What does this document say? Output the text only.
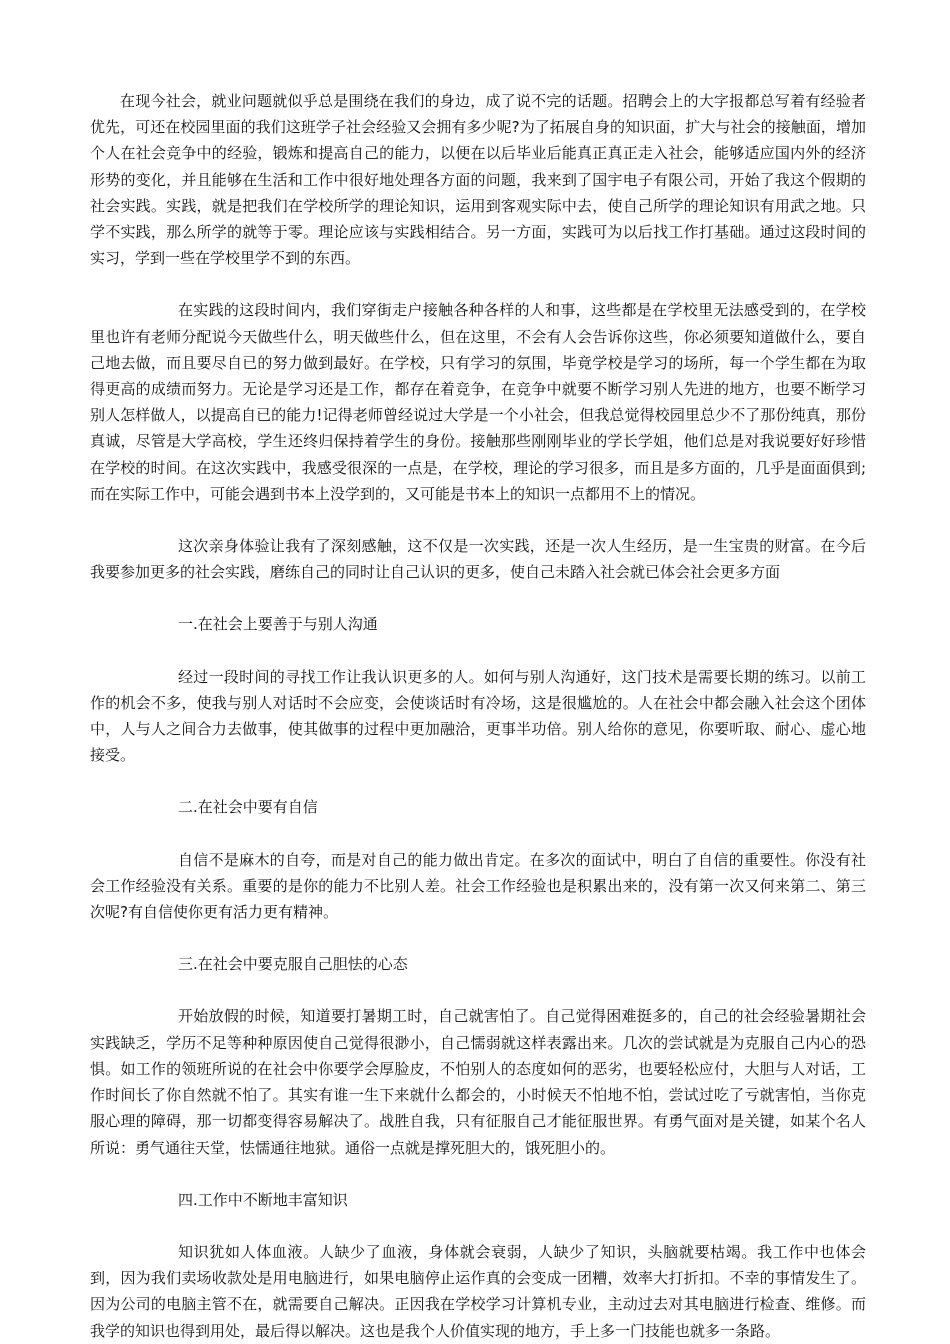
在现今社会，就业问题就似乎总是围绕在我们的身边，成了说不完的话题。招聘会上的大字报都总写着有经验者优先，可还在校园里面的我们这班学子社会经验又会拥有多少呢?为了拓展自身的知识面，扩大与社会的接触面，增加个人在社会竞争中的经验，锻炼和提高自己的能力，以便在以后毕业后能真正真正走入社会，能够适应国内外的经济形势的变化，并且能够在生活和工作中很好地处理各方面的问题，我来到了国宇电子有限公司，开始了我这个假期的社会实践。实践，就是把我们在学校所学的理论知识，运用到客观实际中去，使自己所学的理论知识有用武之地。只学不实践，那么所学的就等于零。理论应该与实践相结合。另一方面，实践可为以后找工作打基础。通过这段时间的实习，学到一些在学校里学不到的东西。

在实践的这段时间内，我们穿街走户接触各种各样的人和事，这些都是在学校里无法感受到的，在学校里也许有老师分配说今天做些什么，明天做些什么，但在这里，不会有人会告诉你这些，你必须要知道做什么，要自己地去做，而且要尽自已的努力做到最好。在学校，只有学习的氛围，毕竟学校是学习的场所，每一个学生都在为取得更高的成绩而努力。无论是学习还是工作，都存在着竞争，在竞争中就要不断学习别人先进的地方，也要不断学习别人怎样做人，以提高自已的能力!记得老师曾经说过大学是一个小社会，但我总觉得校园里总少不了那份纯真，那份真诚，尽管是大学高校，学生还终归保持着学生的身份。接触那些刚刚毕业的学长学姐，他们总是对我说要好好珍惜在学校的时间。在这次实践中，我感受很深的一点是，在学校，理论的学习很多，而且是多方面的，几乎是面面俱到;而在实际工作中，可能会遇到书本上没学到的，又可能是书本上的知识一点都用不上的情况。

这次亲身体验让我有了深刻感触，这不仅是一次实践，还是一次人生经历，是一生宝贵的财富。在今后我要参加更多的社会实践，磨练自己的同时让自己认识的更多，使自己未踏入社会就已体会社会更多方面

一.在社会上要善于与别人沟通

经过一段时间的寻找工作让我认识更多的人。如何与别人沟通好，这门技术是需要长期的练习。以前工作的机会不多，使我与别人对话时不会应变，会使谈话时有冷场，这是很尴尬的。人在社会中都会融入社会这个团体中，人与人之间合力去做事，使其做事的过程中更加融洽，更事半功倍。别人给你的意见，你要听取、耐心、虚心地接受。

二.在社会中要有自信

自信不是麻木的自夸，而是对自己的能力做出肯定。在多次的面试中，明白了自信的重要性。你没有社会工作经验没有关系。重要的是你的能力不比别人差。社会工作经验也是积累出来的，没有第一次又何来第二、第三次呢?有自信使你更有活力更有精神。

三.在社会中要克服自己胆怯的心态

开始放假的时候，知道要打暑期工时，自己就害怕了。自己觉得困难挺多的，自己的社会经验暑期社会实践缺乏，学历不足等种种原因使自己觉得很渺小，自己懦弱就这样表露出来。几次的尝试就是为克服自己内心的恐惧。如工作的领班所说的在社会中你要学会厚脸皮，不怕别人的态度如何的恶劣，也要轻松应付，大胆与人对话，工作时间长了你自然就不怕了。其实有谁一生下来就什么都会的，小时候天不怕地不怕，尝试过吃了亏就害怕，当你克服心理的障碍，那一切都变得容易解决了。战胜自我，只有征服自己才能征服世界。有勇气面对是关键，如某个名人所说：勇气通往天堂，怯懦通往地狱。通俗一点就是撑死胆大的，饿死胆小的。

四.工作中不断地丰富知识

知识犹如人体血液。人缺少了血液，身体就会衰弱，人缺少了知识，头脑就要枯竭。我工作中也体会到，因为我们卖场收款处是用电脑进行，如果电脑停止运作真的会变成一团糟，效率大打折扣。不幸的事情发生了。因为公司的电脑主管不在，就需要自己解决。正因我在学校学习计算机专业，主动过去对其电脑进行检查、维修。而我学的知识也得到用处，最后得以解决。这也是我个人价值实现的地方，手上多一门技能也就多一条路。
